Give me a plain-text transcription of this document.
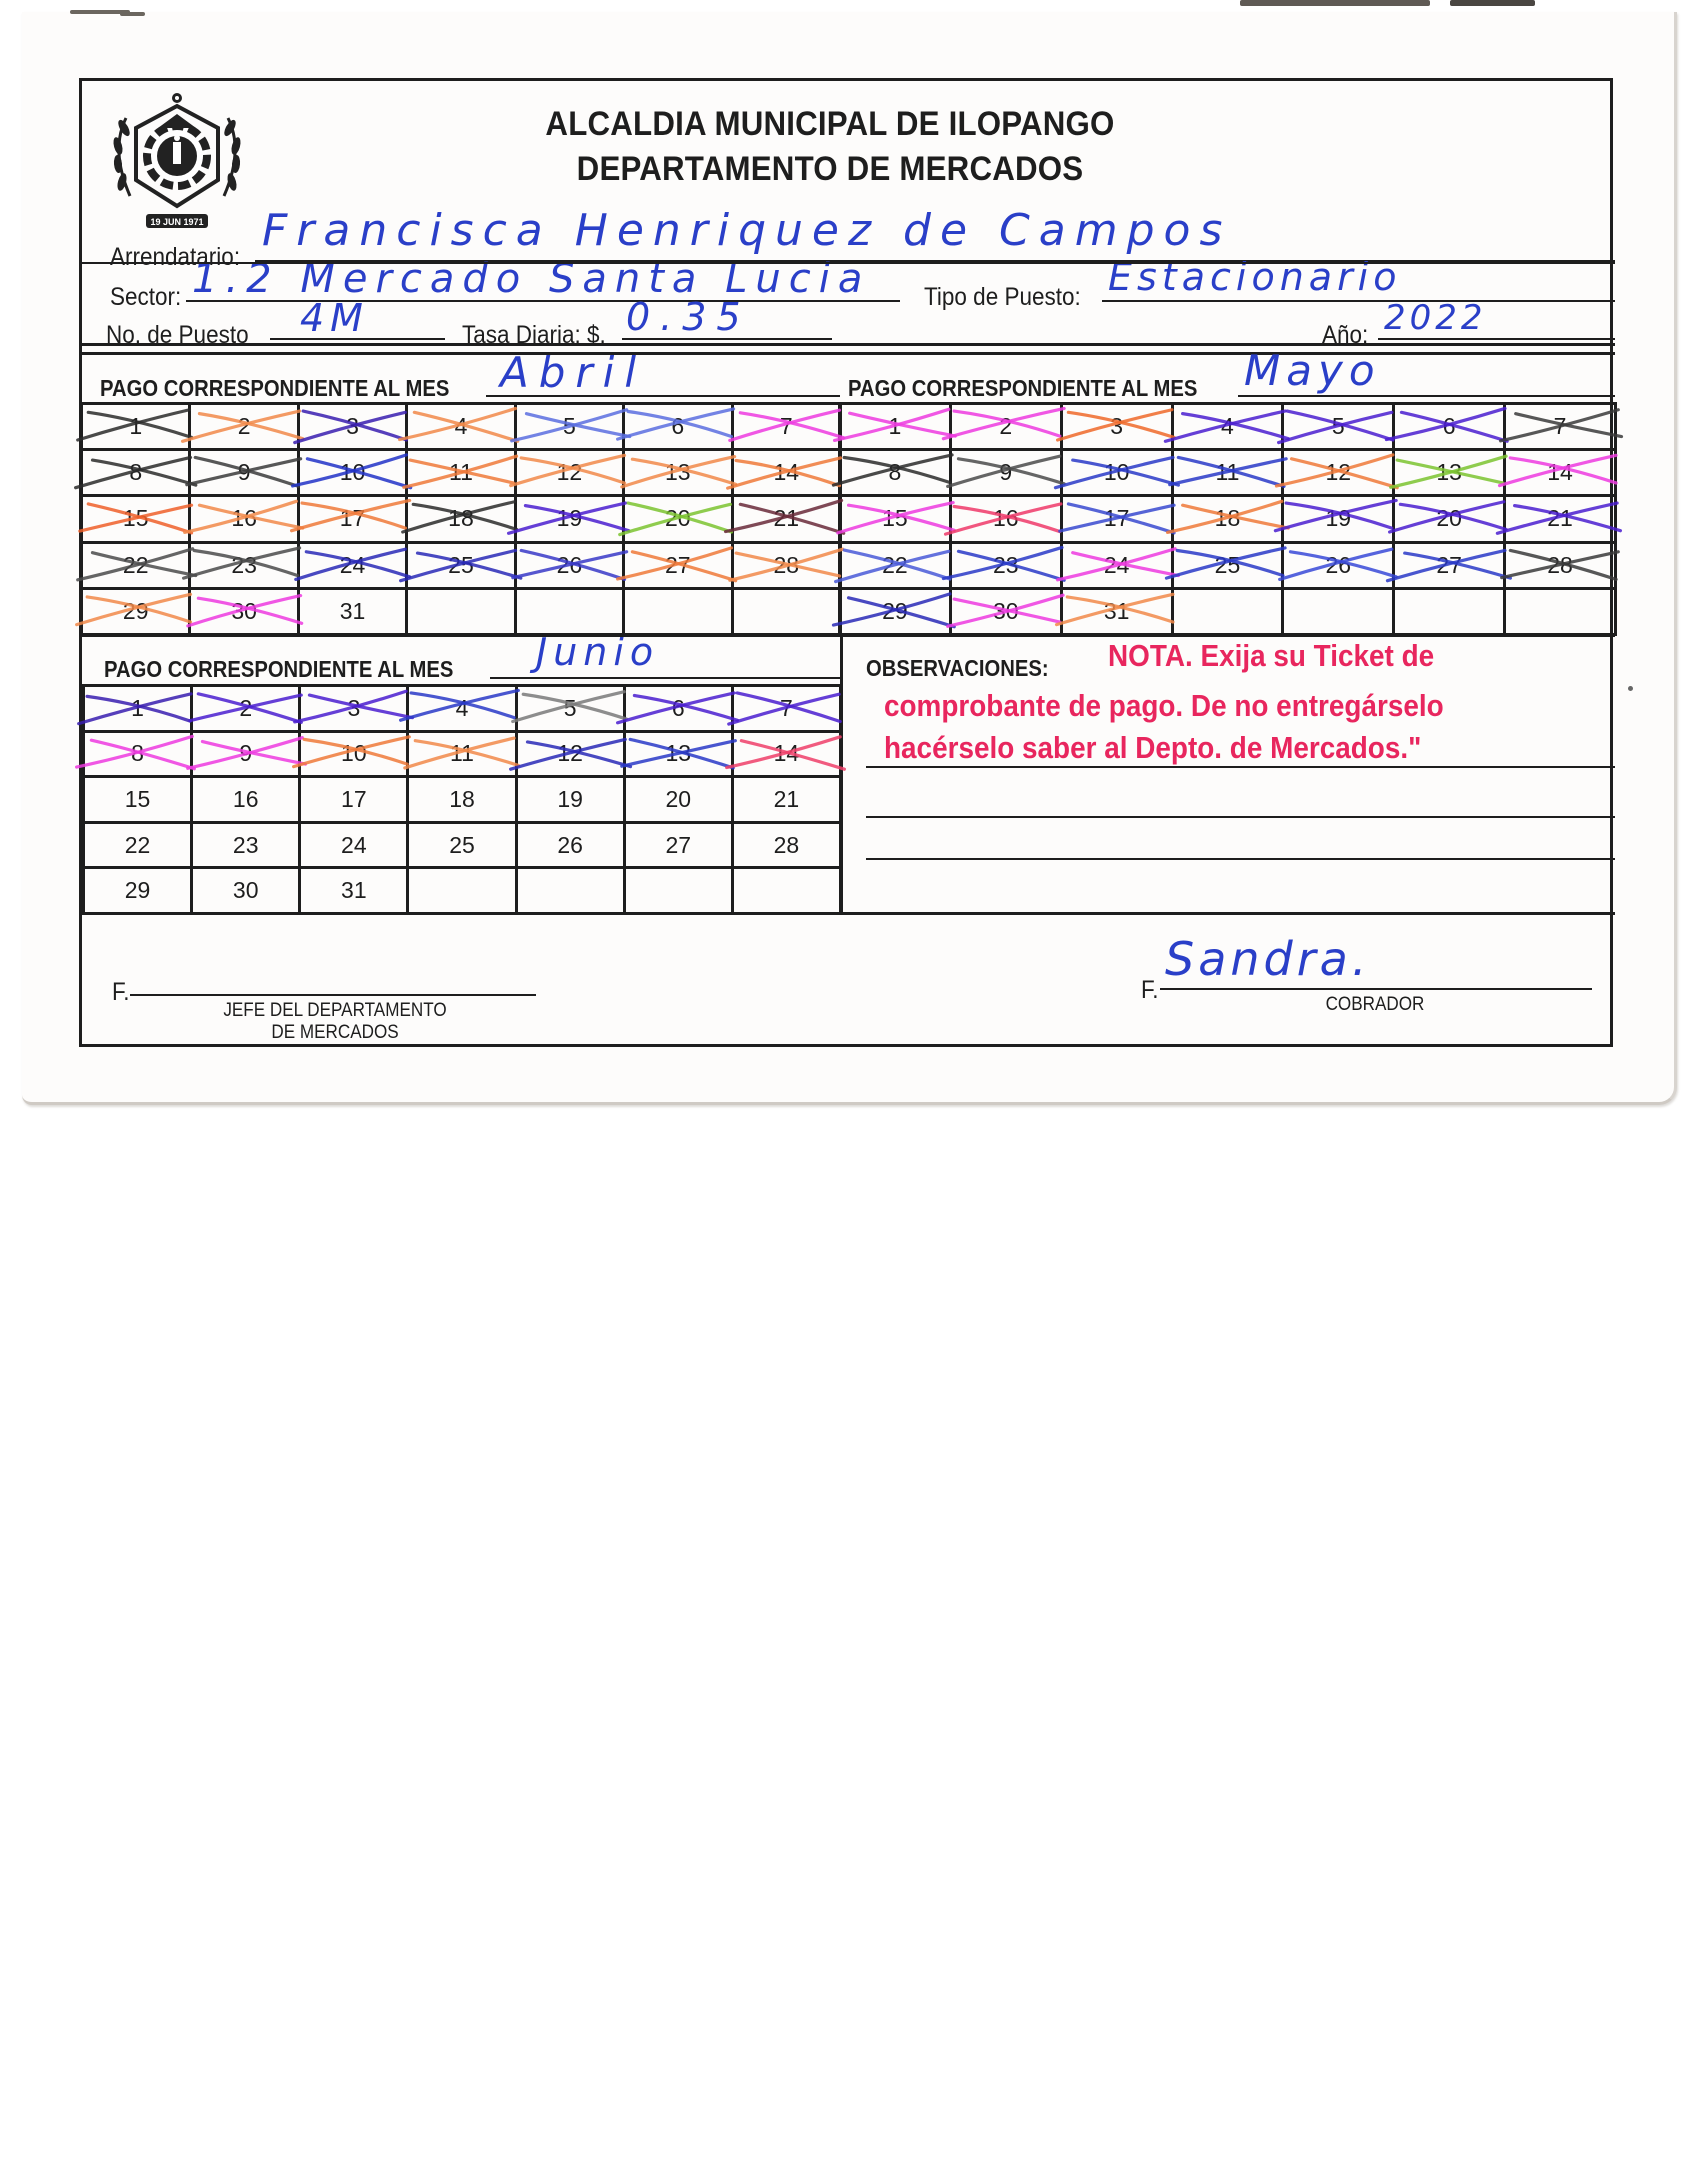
19 JUN 1971
ALCALDIA MUNICIPAL DE ILOPANGO
DEPARTAMENTO DE MERCADOS
Arrendatario:
Francisca Henriquez de Campos
Sector: 1.2 Mercado Santa Lucia Tipo de Puesto: Estacionario
No. de Puesto 4M	Tasa Diaria: $. 0.35	Año: 2022
PAGO CORRESPONDIENTE AL MES Abril	PAGO CORRESPONDIENTE AL MES Mayo
1	2	3	4	5	6	7

8	9	10	11	12	13	14

15	16	17	18	19	20	21

22	23	24	25	26	27	28

29	30	31				
1	2	3	4	5	6	7

8	9	10	11	12	13	14

15	16	17	18	19	20	21

22	23	24	25	26	27	28

29	30	31

PAGO CORRESPONDIENTE AL MES Junio
1	2	3	4	5	6	7

8	9	10	11	12	13	14

15	16	17	18	19	20	21
22	23	24	25	26	27	28
29	30	31				
OBSERVACIONES: NOTA. Exija su Ticket de
comprobante de pago. De no entregárselo
hacérselo saber al Depto. de Mercados."
F.
JEFE DEL DEPARTAMENTO
DE MERCADOS
F.
Sandra.
COBRADOR
